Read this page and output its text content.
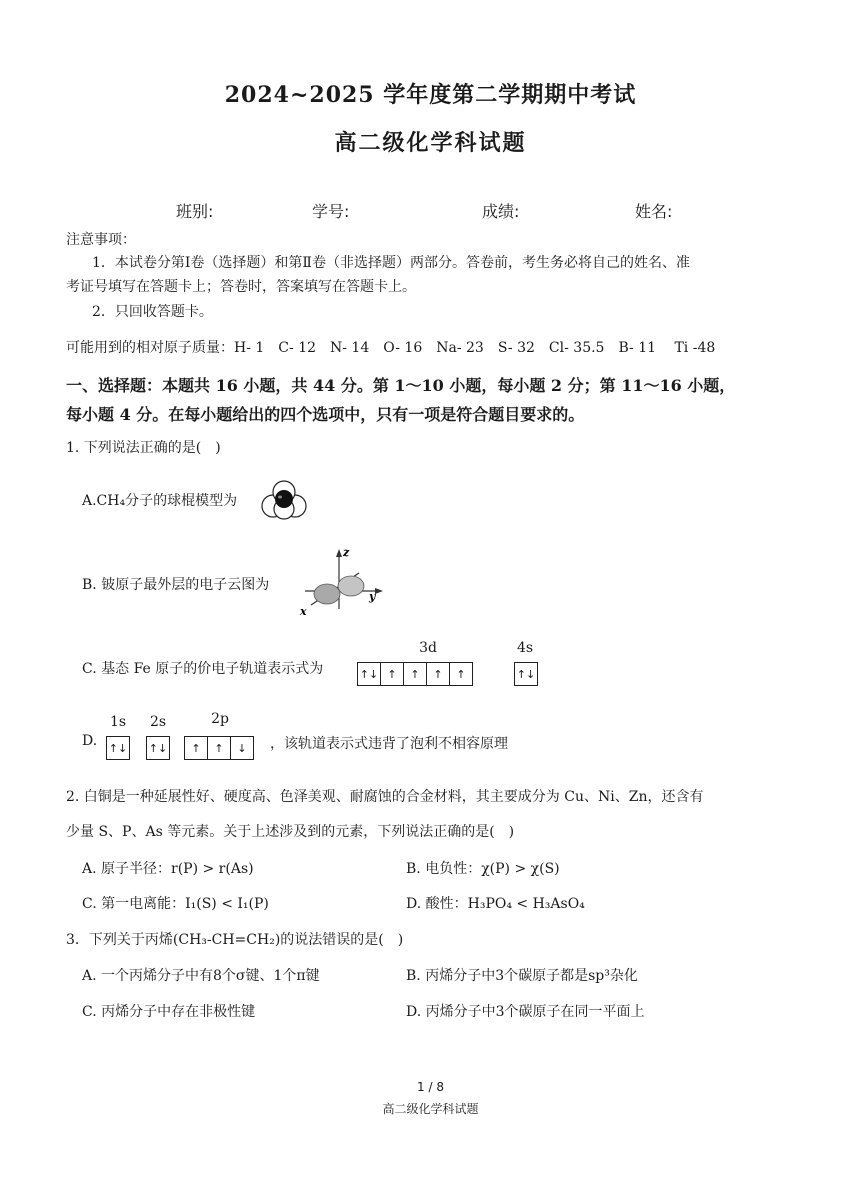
2024~2025 学年度第二学期期中考试
高二级化学科试题
班别:	学号:	成绩:	姓名:
注意事项：
1．本试卷分第Ⅰ卷（选择题）和第Ⅱ卷（非选择题）两部分。答卷前，考生务必将自己的姓名、准
考证号填写在答题卡上；答卷时，答案填写在答题卡上。
2．只回收答题卡。
可能用到的相对原子质量：H- 1　C- 12　N- 14　O- 16　Na- 23　S- 32　Cl- 35.5　B- 11　 Ti -48
一、选择题：本题共 16 小题，共 44 分。第 1～10 小题，每小题 2 分；第 11～16 小题，
每小题 4 分。在每小题给出的四个选项中，只有一项是符合题目要求的。
1. 下列说法正确的是(　)
A.CH₄分子的球棍模型为
B. 铍原子最外层的电子云图为
z
y
x
C. 基态 Fe 原子的价电子轨道表示式为
3d	4s
↑↓ ↑	↑	↑	↑	↑↓
1s	2s	2p
D. ↑↓ ↑↓	↑	↑	↓	，该轨道表示式违背了泡利不相容原理
2. 白铜是一种延展性好、硬度高、色泽美观、耐腐蚀的合金材料，其主要成分为 Cu、Ni、Zn，还含有
少量 S、P、As 等元素。关于上述涉及到的元素，下列说法正确的是(　)
A. 原子半径：r(P) > r(As)	B. 电负性：χ(P) > χ(S)
C. 第一电离能：I₁(S) < I₁(P)	D. 酸性：H₃PO₄ < H₃AsO₄
3．下列关于丙烯(CH₃-CH=CH₂)的说法错误的是(　)
A. 一个丙烯分子中有8个σ键、1个π键	B. 丙烯分子中3个碳原子都是sp³杂化
C. 丙烯分子中存在非极性键	D. 丙烯分子中3个碳原子在同一平面上
1 / 8
高二级化学科试题
